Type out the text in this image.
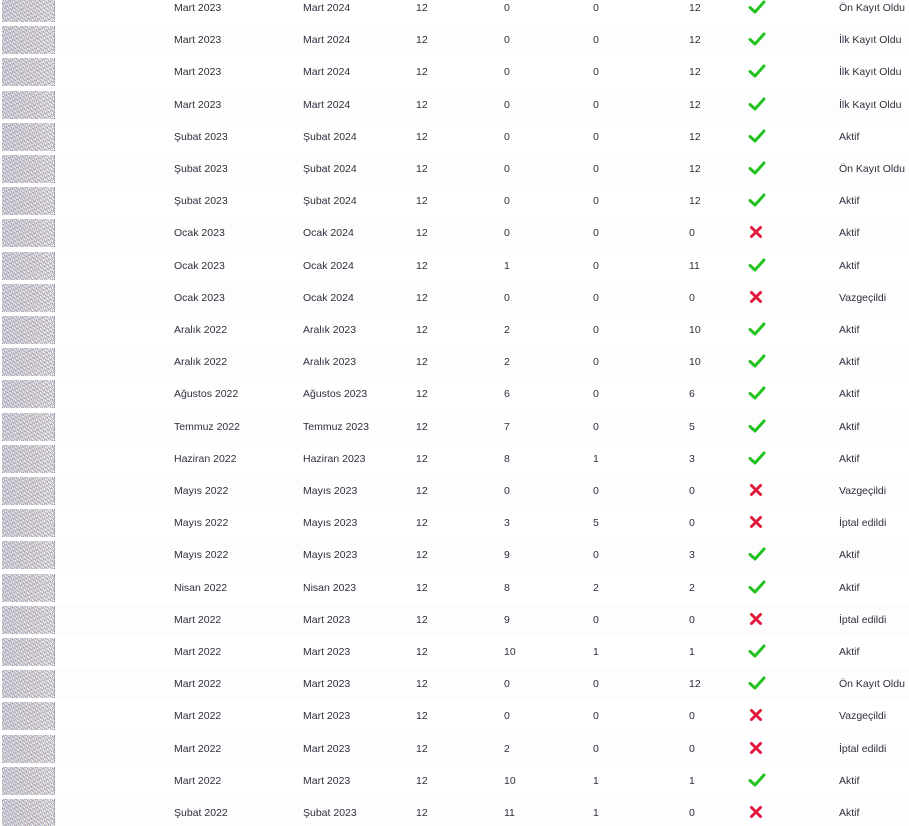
Mart 2023	Mart 2024	12	0	0	12	Ön Kayıt Oldu
Mart 2023	Mart 2024	12	0	0	12	İlk Kayıt Oldu
Mart 2023	Mart 2024	12	0	0	12	İlk Kayıt Oldu
Mart 2023	Mart 2024	12	0	0	12	İlk Kayıt Oldu
Şubat 2023	Şubat 2024	12	0	0	12	Aktif
Şubat 2023	Şubat 2024	12	0	0	12	Ön Kayıt Oldu
Şubat 2023	Şubat 2024	12	0	0	12	Aktif
Ocak 2023	Ocak 2024	12	0	0	0	Aktif
Ocak 2023	Ocak 2024	12	1	0	11	Aktif
Ocak 2023	Ocak 2024	12	0	0	0	Vazgeçildi
Aralık 2022	Aralık 2023	12	2	0	10	Aktif
Aralık 2022	Aralık 2023	12	2	0	10	Aktif
Ağustos 2022	Ağustos 2023	12	6	0	6	Aktif
Temmuz 2022	Temmuz 2023	12	7	0	5	Aktif
Haziran 2022	Haziran 2023	12	8	1	3	Aktif
Mayıs 2022	Mayıs 2023	12	0	0	0	Vazgeçildi
Mayıs 2022	Mayıs 2023	12	3	5	0	İptal edildi
Mayıs 2022	Mayıs 2023	12	9	0	3	Aktif
Nisan 2022	Nisan 2023	12	8	2	2	Aktif
Mart 2022	Mart 2023	12	9	0	0	İptal edildi
Mart 2022	Mart 2023	12	10	1	1	Aktif
Mart 2022	Mart 2023	12	0	0	12	Ön Kayıt Oldu
Mart 2022	Mart 2023	12	0	0	0	Vazgeçildi
Mart 2022	Mart 2023	12	2	0	0	İptal edildi
Mart 2022	Mart 2023	12	10	1	1	Aktif
Şubat 2022	Şubat 2023	12	11	1	0	Aktif
